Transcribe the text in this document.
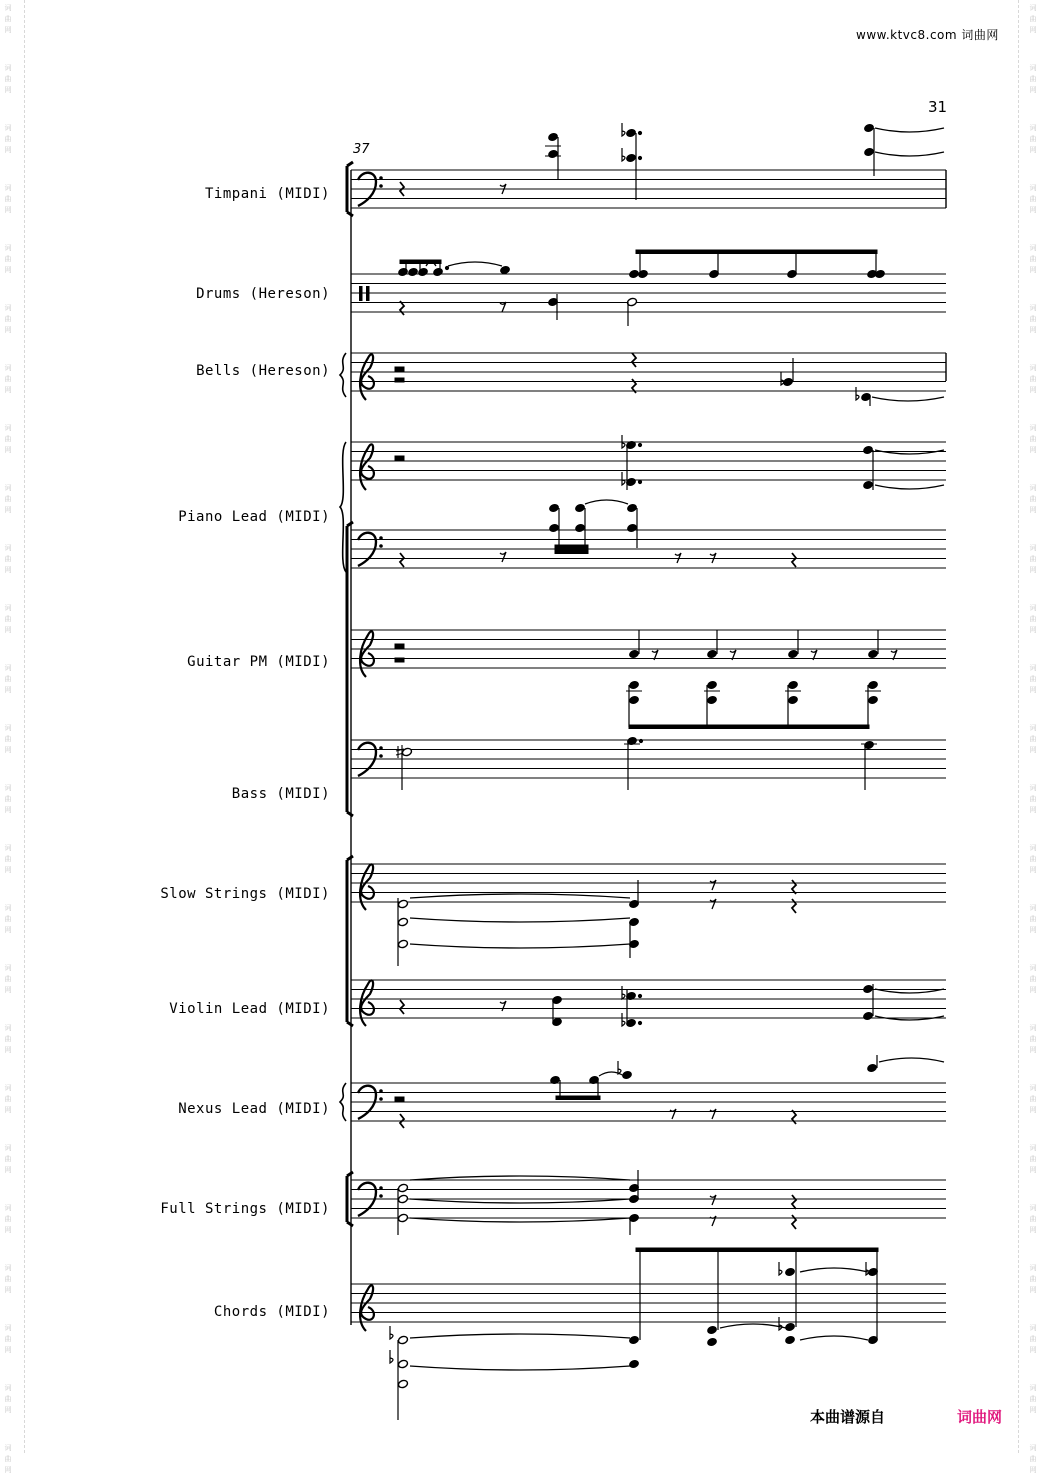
词
曲
网
词
曲
网
词
曲
网
词
曲
网
词
曲
网
词
曲
网
词
曲
网
词
曲
网
词
曲
网
词
曲
网
词
曲
网
词
曲
网
词
曲
网
词
曲
网
词
曲
网
词
曲
网
词
曲
网
词
曲
网
词
曲
网
词
曲
网
词
曲
网
词
曲
网
词
曲
网
词
曲
网
词
曲
网
词
曲
网
词
曲
网
词
曲
网
词
曲
网
词
曲
网
词
曲
网
词
曲
网
词
曲
网
词
曲
网
词
曲
网
词
曲
网
词
曲
网
词
曲
网
词
曲
网
词
曲
网
词
曲
网
词
曲
网
词
曲
网
词
曲
网
词
曲
网
词
曲
网
词
曲
网
词
曲
网
词
曲
网
词
曲
网
www.ktvc8.com 词曲网
31
37
Timpani (MIDI)
Drums (Hereson)
Bells (Hereson)
Piano Lead (MIDI)
Guitar PM (MIDI)
Bass (MIDI)
Slow Strings (MIDI)
Violin Lead (MIDI)
Nexus Lead (MIDI)
Full Strings (MIDI)
Chords (MIDI)
本曲谱源自	词曲网
